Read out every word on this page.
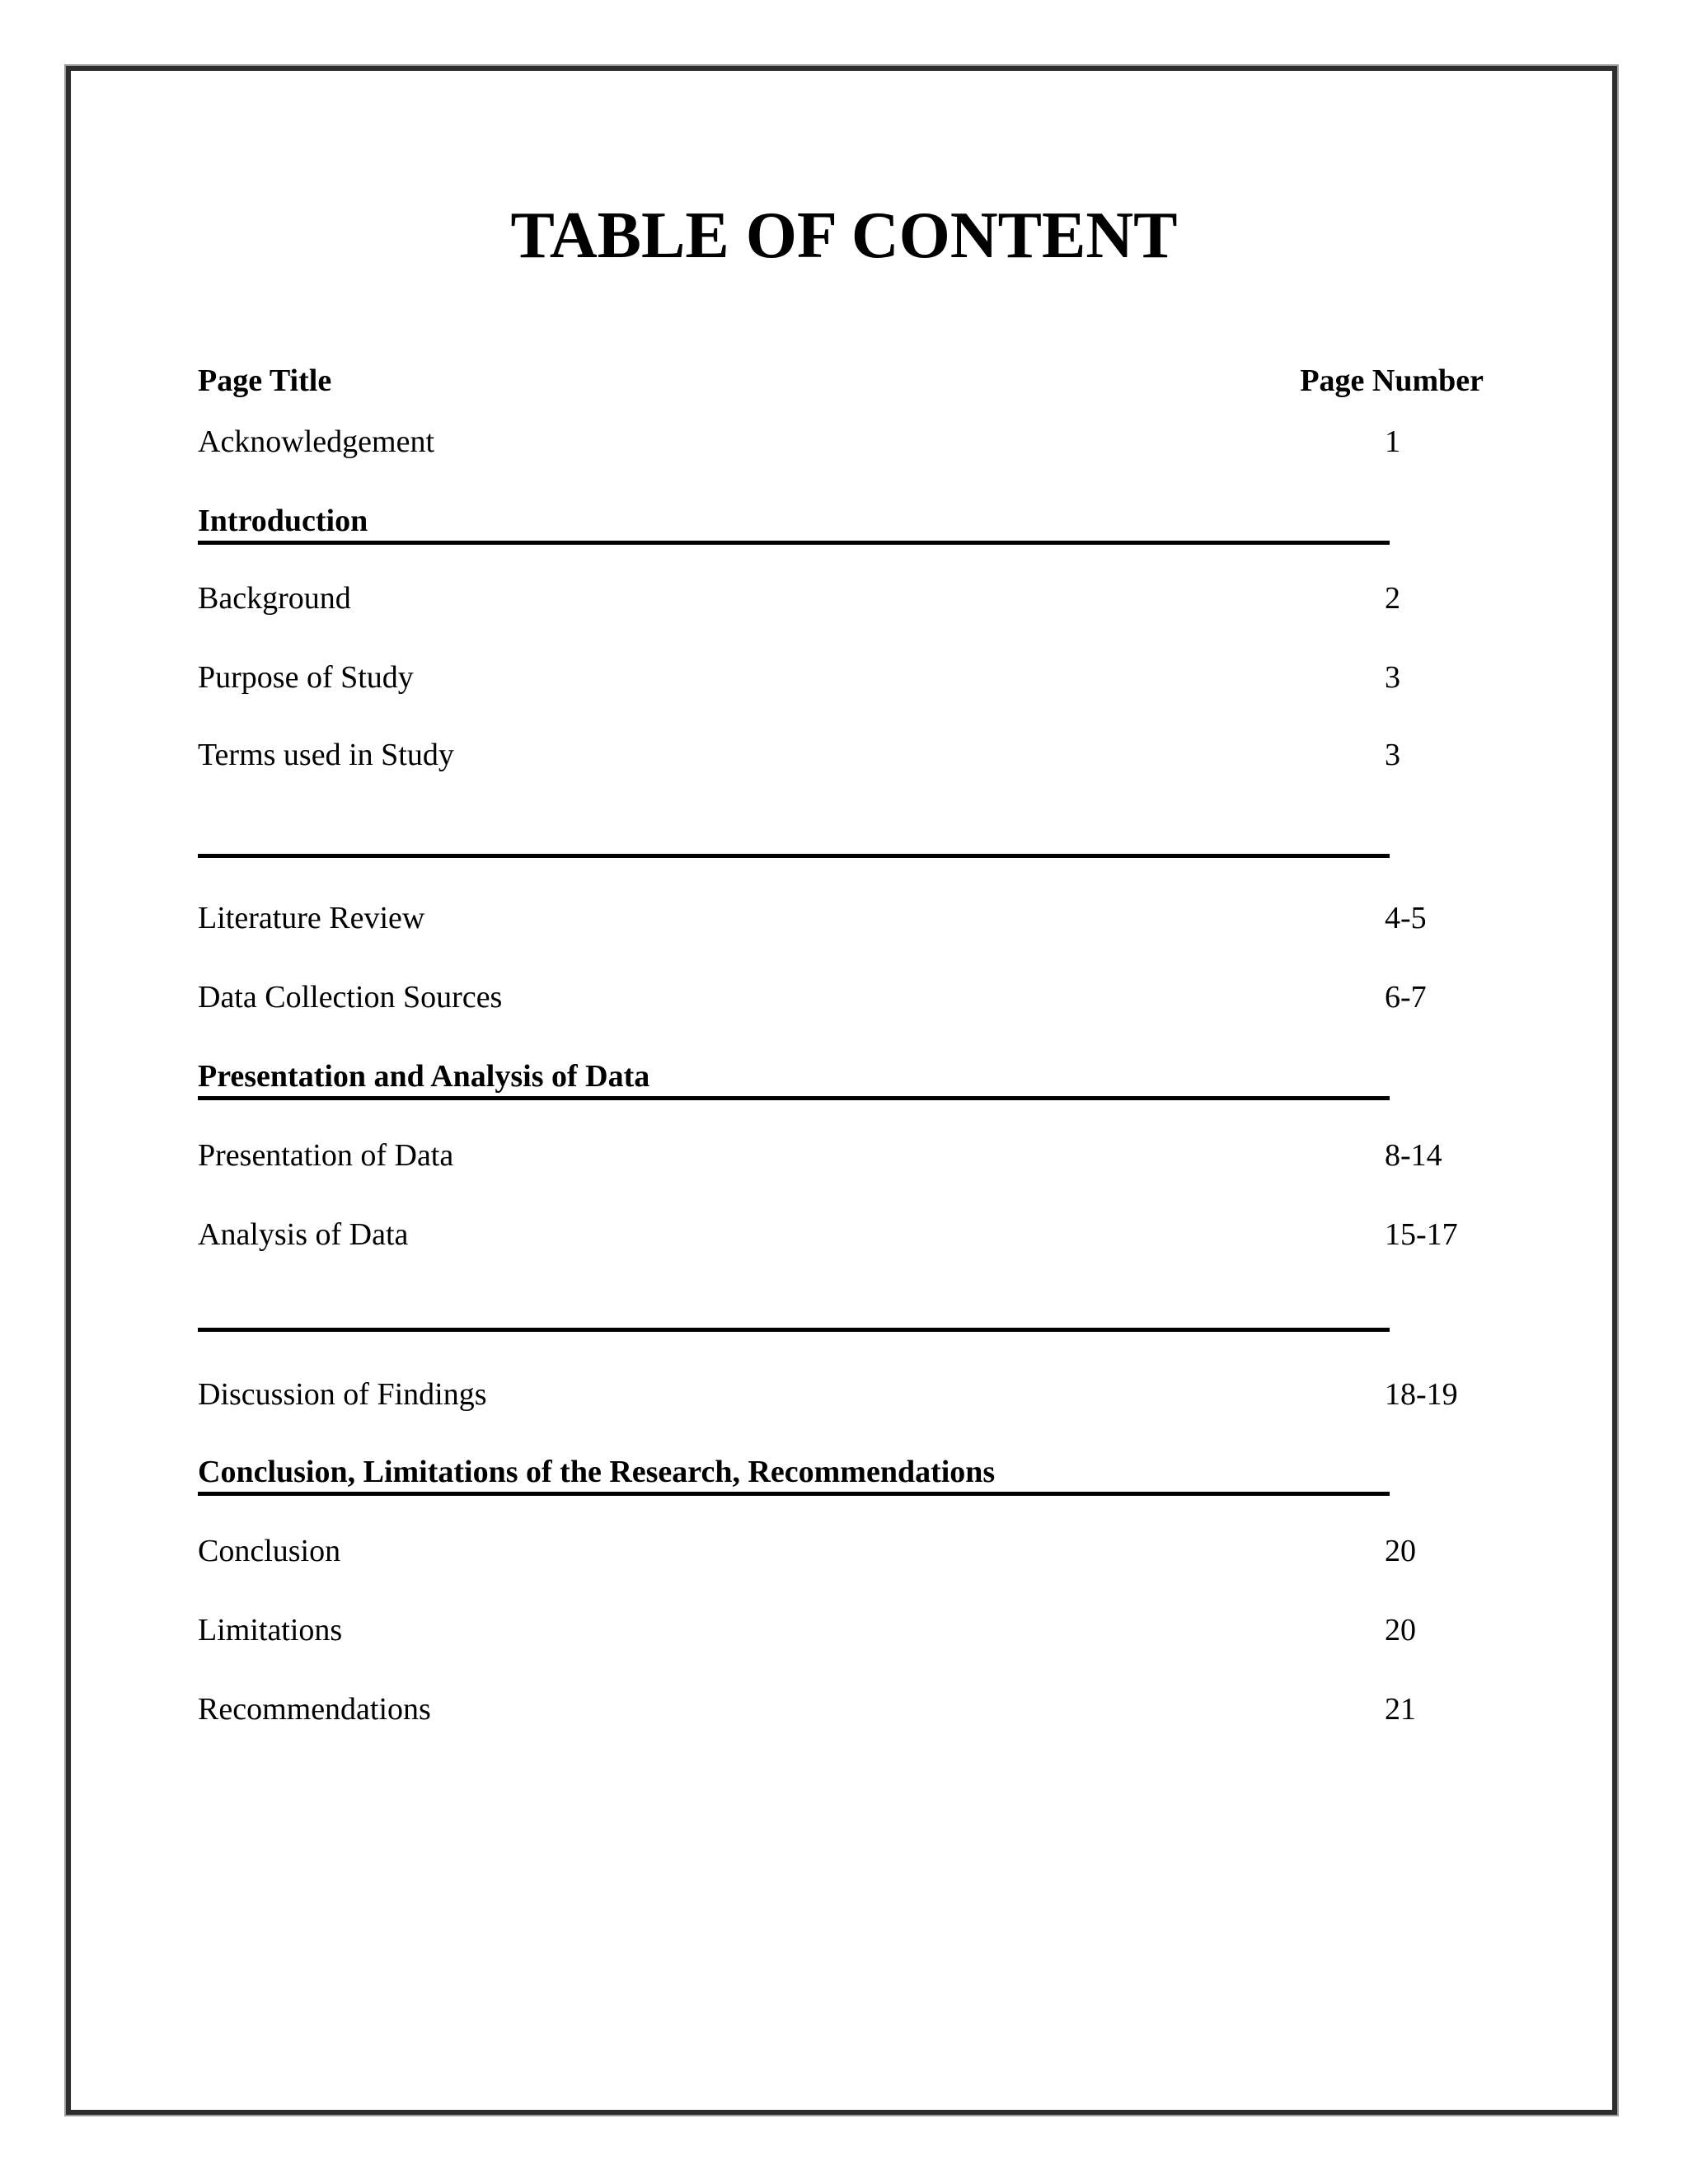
TABLE OF CONTENT
Page Title	Page Number
Acknowledgement	1
Introduction
Background	2
Purpose of Study	3
Terms used in Study	3
Literature Review	4-5
Data Collection Sources	6-7
Presentation and Analysis of Data
Presentation of Data	8-14
Analysis of Data	15-17
Discussion of Findings	18-19
Conclusion, Limitations of the Research, Recommendations
Conclusion	20
Limitations	20
Recommendations	21
